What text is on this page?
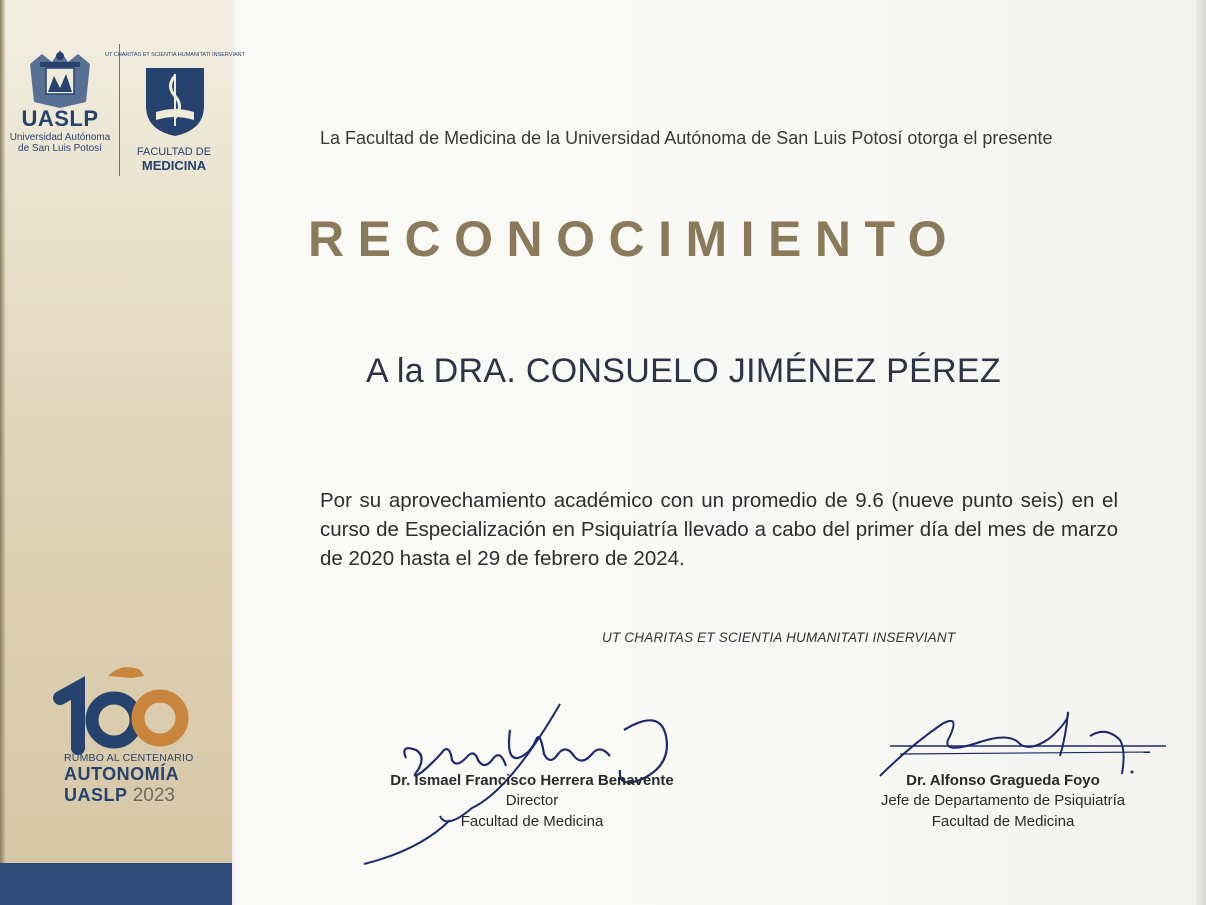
UASLP
Universidad Autónoma
de San Luis Potosí
UT CHARITAS ET SCIENTIA HUMANITATI INSERVIANT
FACULTAD DE
MEDICINA
100
RUMBO AL CENTENARIO
AUTONOMÍA
UASLP 2023
La Facultad de Medicina de la Universidad Autónoma de San Luis Potosí otorga el presente
RECONOCIMIENTO
A la DRA. CONSUELO JIMÉNEZ PÉREZ
Por su aprovechamiento académico con un promedio de 9.6 (nueve punto seis) en el curso de Especialización en Psiquiatría llevado a cabo del primer día del mes de marzo de 2020 hasta el 29 de febrero de 2024.
UT CHARITAS ET SCIENTIA HUMANITATI INSERVIANT
Dr. Ismael Francisco Herrera Benavente
Director
Facultad de Medicina
Dr. Alfonso Gragueda Foyo
Jefe de Departamento de Psiquiatría
Facultad de Medicina
